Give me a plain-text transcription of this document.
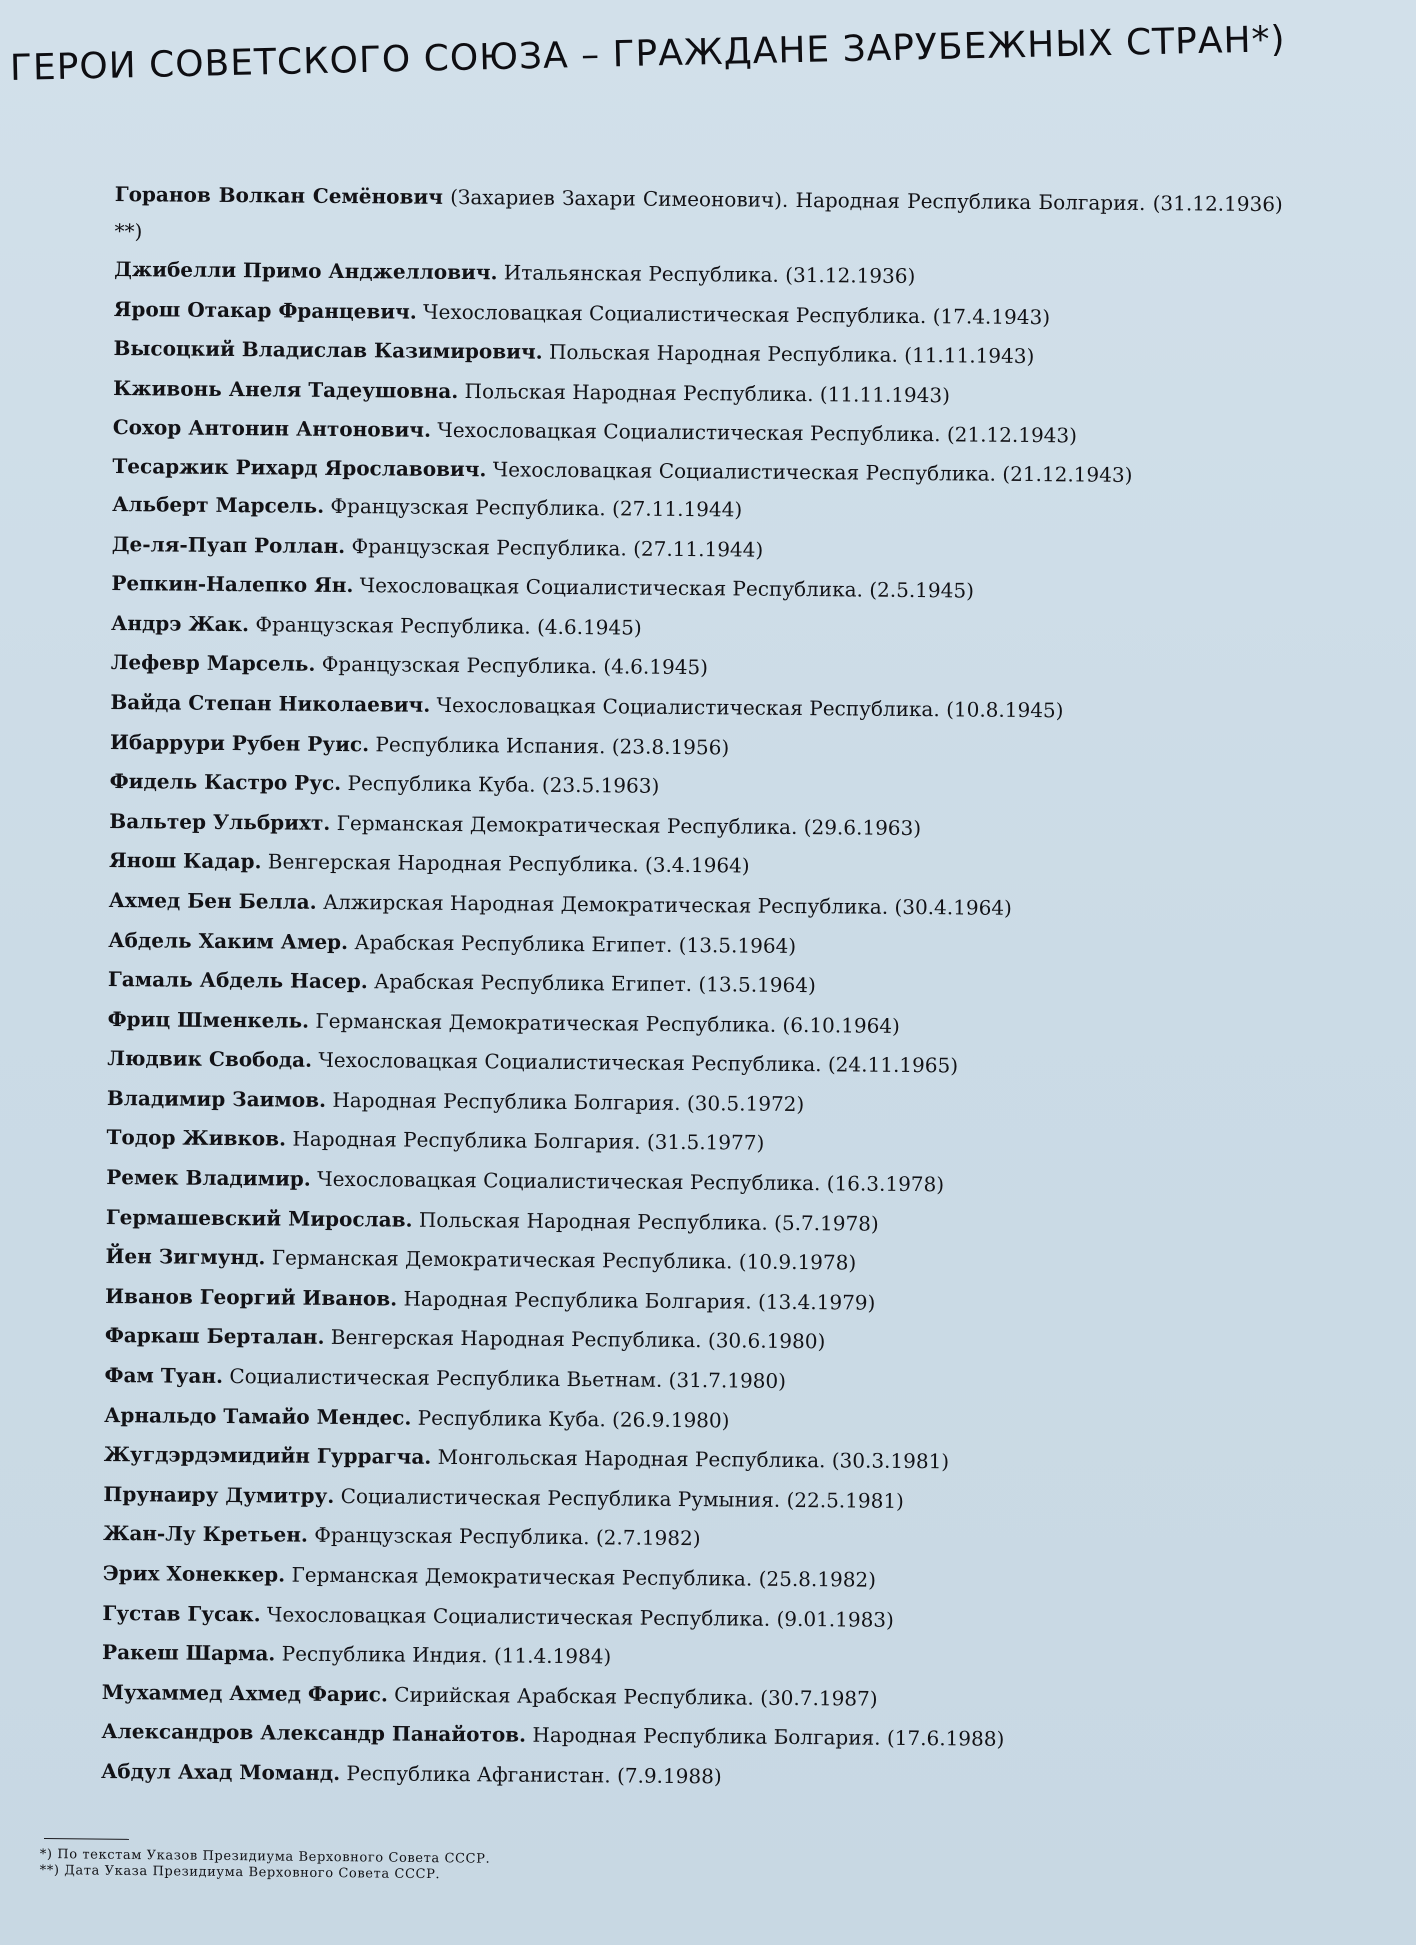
ГЕРОИ СОВЕТСКОГО СОЮЗА – ГРАЖДАНЕ ЗАРУБЕЖНЫХ СТРАН*)
Горанов Волкан Семёнович (Захариев Захари Симеонович). Народная Республика Болгария. (31.12.1936) **)
Джибелли Примо Анджеллович. Итальянская Республика. (31.12.1936)
Ярош Отакар Францевич. Чехословацкая Социалистическая Республика. (17.4.1943)
Высоцкий Владислав Казимирович. Польская Народная Республика. (11.11.1943)
Кживонь Анеля Тадеушовна. Польская Народная Республика. (11.11.1943)
Сохор Антонин Антонович. Чехословацкая Социалистическая Республика. (21.12.1943)
Тесаржик Рихард Ярославович. Чехословацкая Социалистическая Республика. (21.12.1943)
Альберт Марсель. Французская Республика. (27.11.1944)
Де-ля-Пуап Роллан. Французская Республика. (27.11.1944)
Репкин-Налепко Ян. Чехословацкая Социалистическая Республика. (2.5.1945)
Андрэ Жак. Французская Республика. (4.6.1945)
Лефевр Марсель. Французская Республика. (4.6.1945)
Вайда Степан Николаевич. Чехословацкая Социалистическая Республика. (10.8.1945)
Ибаррури Рубен Руис. Республика Испания. (23.8.1956)
Фидель Кастро Рус. Республика Куба. (23.5.1963)
Вальтер Ульбрихт. Германская Демократическая Республика. (29.6.1963)
Янош Кадар. Венгерская Народная Республика. (3.4.1964)
Ахмед Бен Белла. Алжирская Народная Демократическая Республика. (30.4.1964)
Абдель Хаким Амер. Арабская Республика Египет. (13.5.1964)
Гамаль Абдель Насер. Арабская Республика Египет. (13.5.1964)
Фриц Шменкель. Германская Демократическая Республика. (6.10.1964)
Людвик Свобода. Чехословацкая Социалистическая Республика. (24.11.1965)
Владимир Заимов. Народная Республика Болгария. (30.5.1972)
Тодор Живков. Народная Республика Болгария. (31.5.1977)
Ремек Владимир. Чехословацкая Социалистическая Республика. (16.3.1978)
Гермашевский Мирослав. Польская Народная Республика. (5.7.1978)
Йен Зигмунд. Германская Демократическая Республика. (10.9.1978)
Иванов Георгий Иванов. Народная Республика Болгария. (13.4.1979)
Фаркаш Берталан. Венгерская Народная Республика. (30.6.1980)
Фам Туан. Социалистическая Республика Вьетнам. (31.7.1980)
Арнальдо Тамайо Мендес. Республика Куба. (26.9.1980)
Жугдэрдэмидийн Гуррагча. Монгольская Народная Республика. (30.3.1981)
Прунаиру Думитру. Социалистическая Республика Румыния. (22.5.1981)
Жан-Лу Кретьен. Французская Республика. (2.7.1982)
Эрих Хонеккер. Германская Демократическая Республика. (25.8.1982)
Густав Гусак. Чехословацкая Социалистическая Республика. (9.01.1983)
Ракеш Шарма. Республика Индия. (11.4.1984)
Мухаммед Ахмед Фарис. Сирийская Арабская Республика. (30.7.1987)
Александров Александр Панайотов. Народная Республика Болгария. (17.6.1988)
Абдул Ахад Моманд. Республика Афганистан. (7.9.1988)
*) По текстам Указов Президиума Верховного Совета СССР.
**) Дата Указа Президиума Верховного Совета СССР.
